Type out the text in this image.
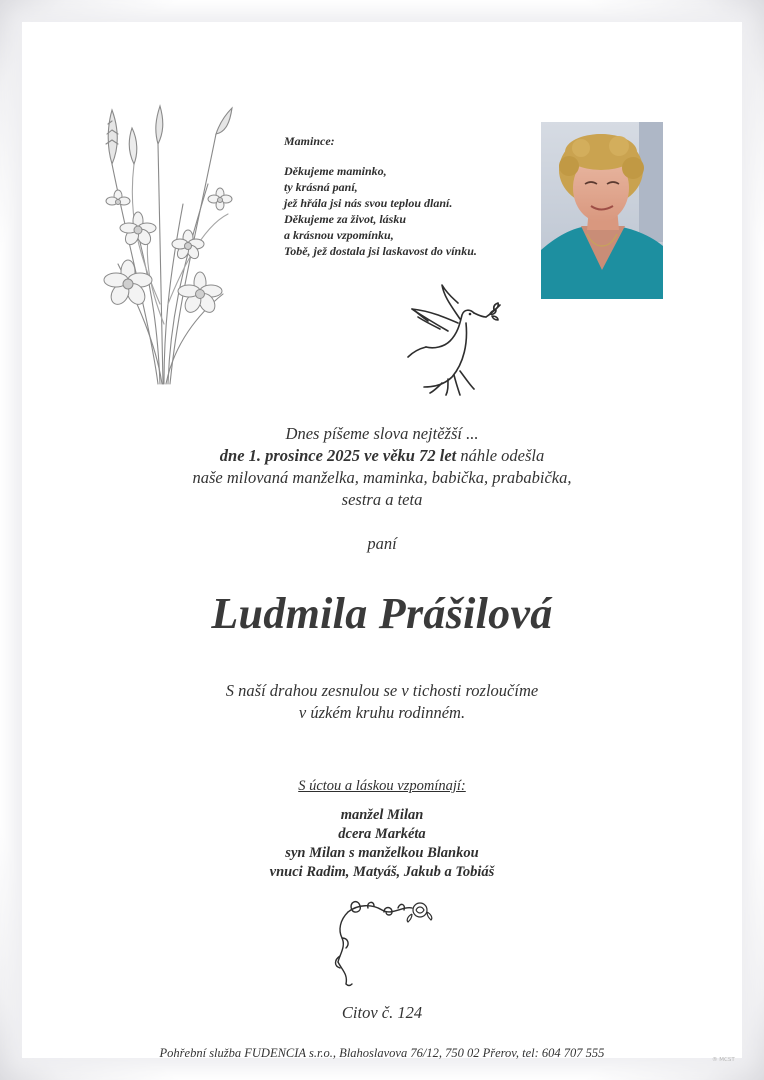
Mamince:
Děkujeme maminko,
ty krásná paní,
jež hřála jsi nás svou teplou dlaní.
Děkujeme za život, lásku
a krásnou vzpomínku,
Tobě, jež dostala jsi laskavost do vínku.
Dnes píšeme slova nejtěžší ...
dne 1. prosince 2025 ve věku 72 let náhle odešla
naše milovaná manželka, maminka, babička, prababička,
sestra a teta
paní
Ludmila Prášilová
S naší drahou zesnulou se v tichosti rozloučíme
v úzkém kruhu rodinném.
S úctou a láskou vzpomínají:
manžel Milan
dcera Markéta
syn Milan s manželkou Blankou
vnuci Radim, Matyáš, Jakub a Tobiáš
Citov č. 124
Pohřební služba FUDENCIA s.r.o., Blahoslavova 76/12, 750 02 Přerov, tel: 604 707 555	® MCST
